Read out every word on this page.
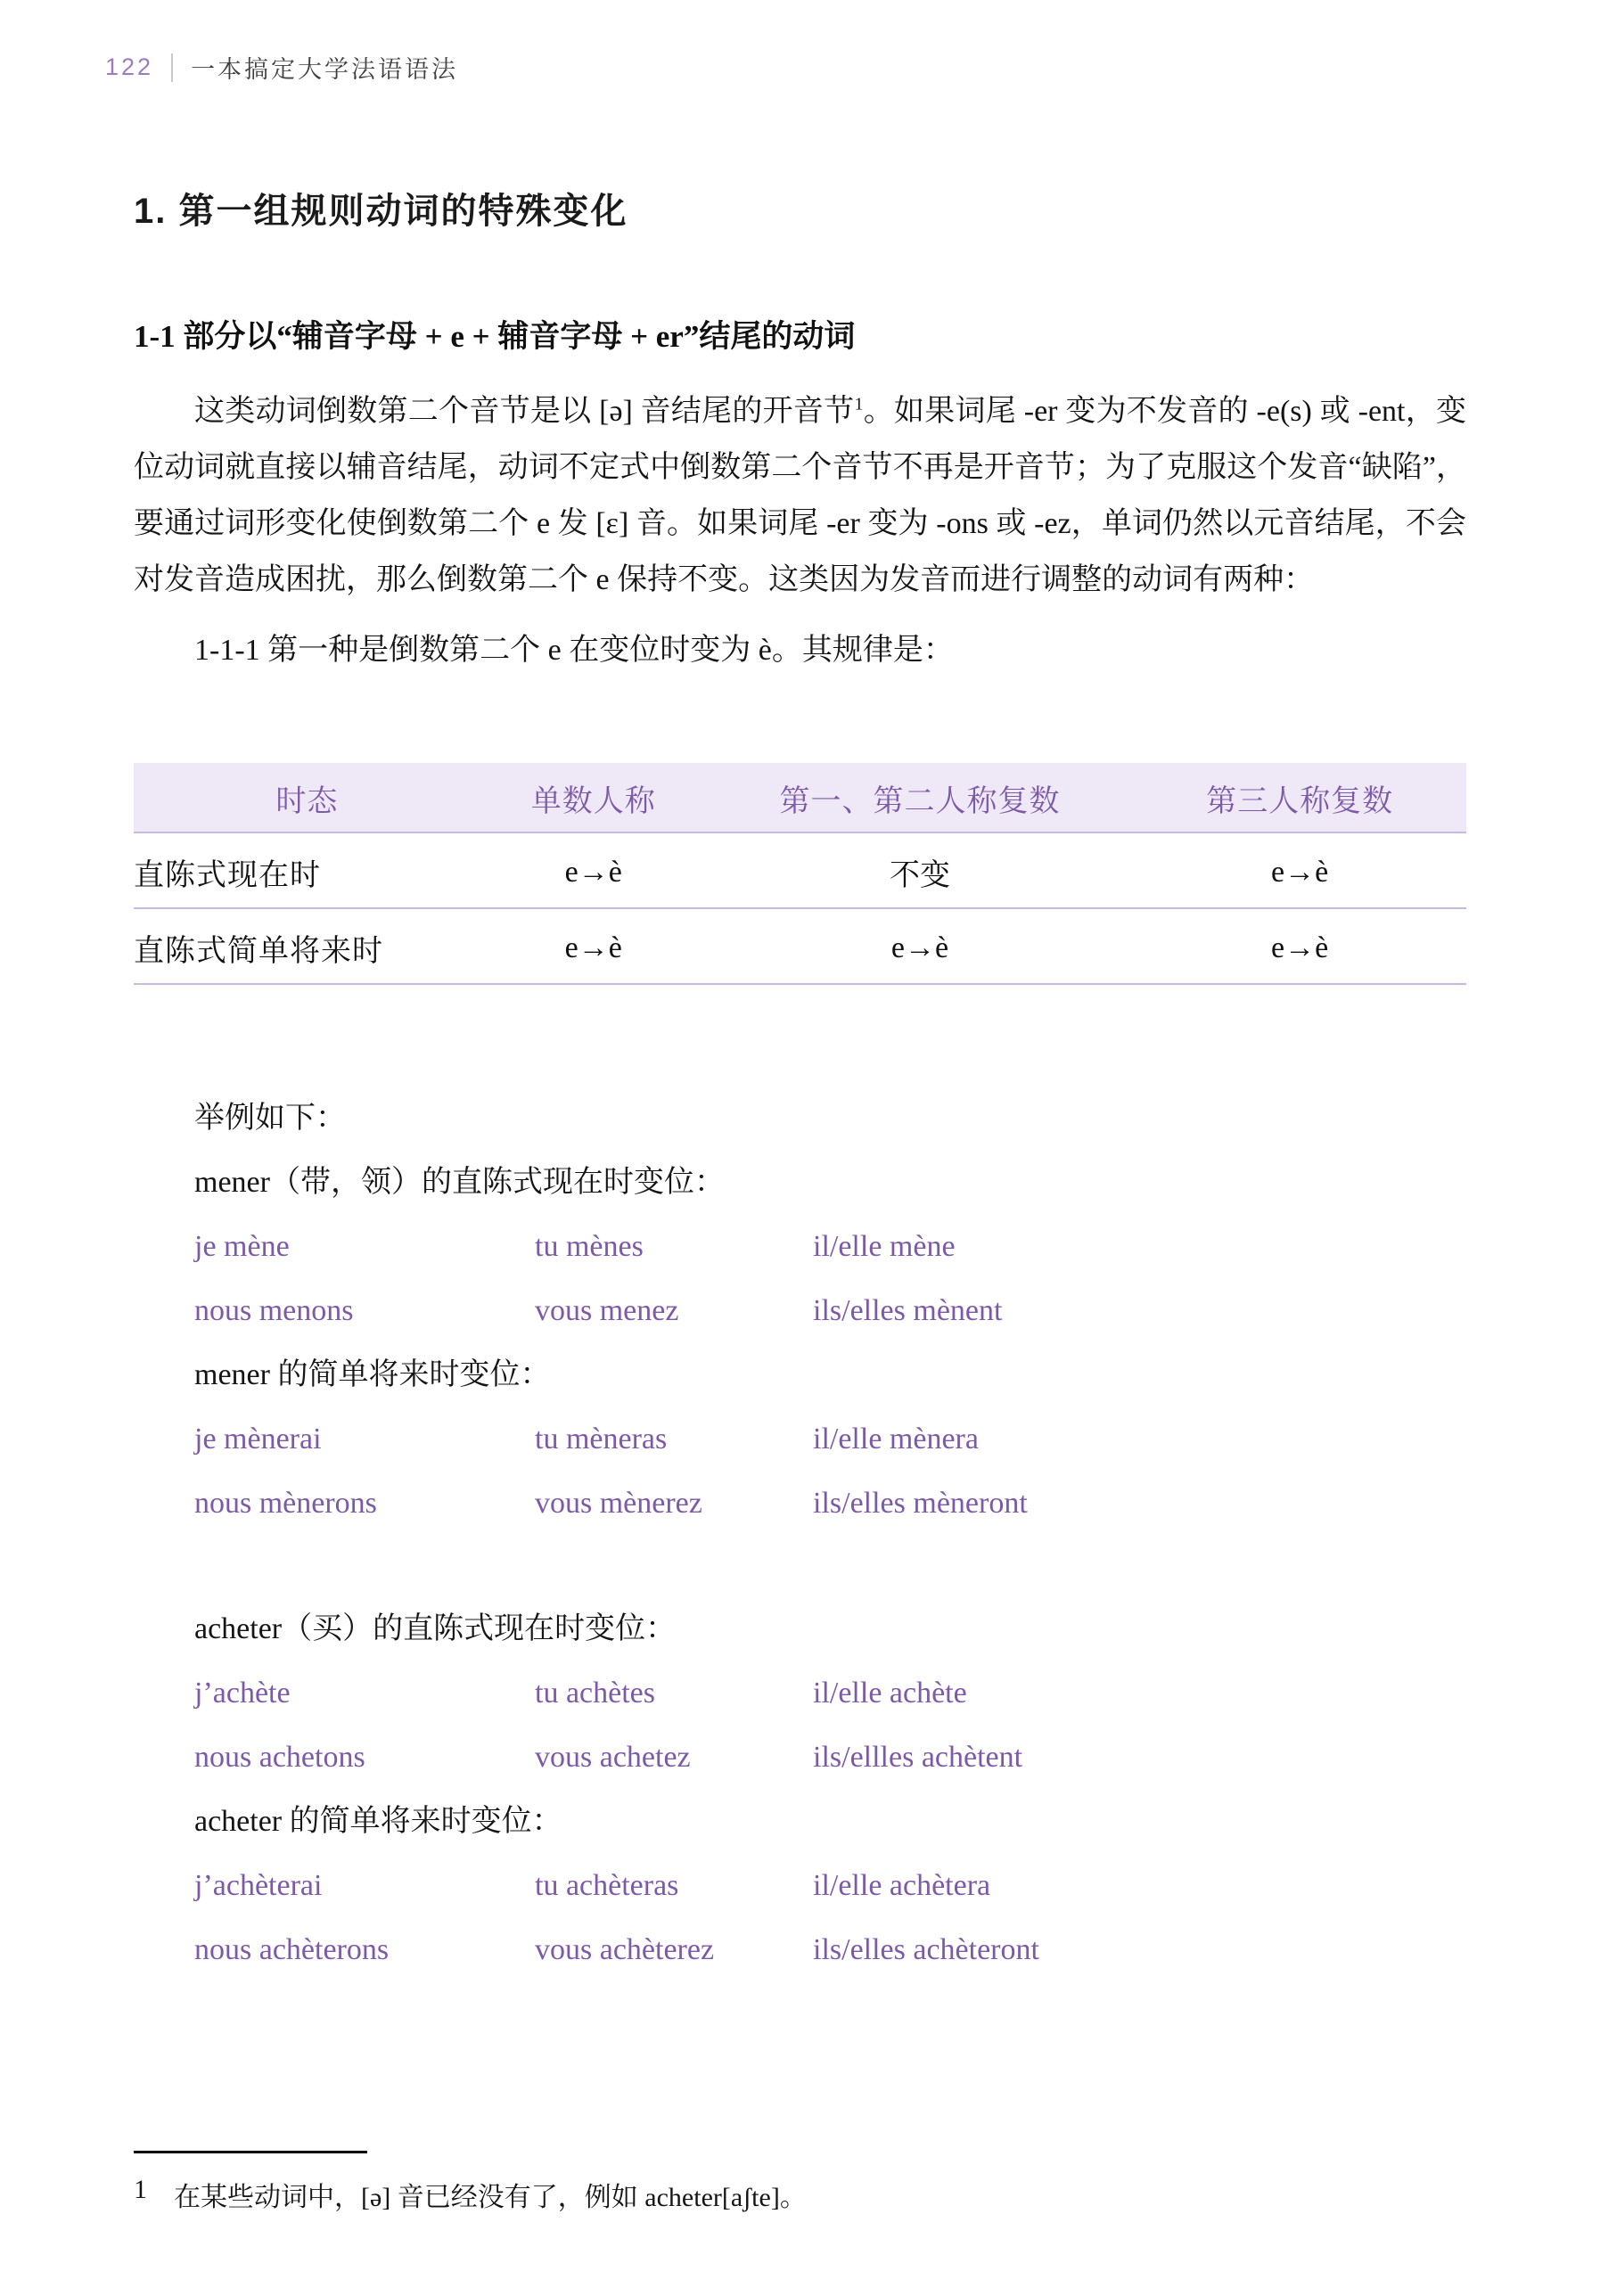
122 一本搞定大学法语语法
1. 第一组规则动词的特殊变化
1-1 部分以“辅音字母 + e + 辅音字母 + er”结尾的动词

这类动词倒数第二个音节是以 [ə] 音结尾的开音节$^1$。如果词尾 -er 变为不发音的 -e(s) 或 -ent，变位动词就直接以辅音结尾，动词不定式中倒数第二个音节不再是开音节；为了克服这个发音“缺陷”，要通过词形变化使倒数第二个 e 发 [ɛ] 音。如果词尾 -er 变为 -ons 或 -ez，单词仍然以元音结尾，不会对发音造成困扰，那么倒数第二个 e 保持不变。这类因为发音而进行调整的动词有两种：

1-1-1 第一种是倒数第二个 e 在变位时变为 è。其规律是：

时态	单数人称	第一、第二人称复数	第三人称复数
直陈式现在时	e→è	不变	e→è
直陈式简单将来时	e→è	e→è	e→è

举例如下：

mener（带，领）的直陈式现在时变位：

je mène	tu mènes	il/elle mène
nous menons	vous menez	ils/elles mènent

mener 的简单将来时变位：

je mènerai	tu mèneras	il/elle mènera
nous mènerons	vous mènerez	ils/elles mèneront

acheter（买）的直陈式现在时变位：

j’achète	tu achètes	il/elle achète
nous achetons	vous achetez	ils/ellles achètent

acheter 的简单将来时变位：

j’achèterai	tu achèteras	il/elle achètera
nous achèterons	vous achèterez	ils/elles achèteront
1 在某些动词中，[ə] 音已经没有了，例如 acheter[aʃte]。
